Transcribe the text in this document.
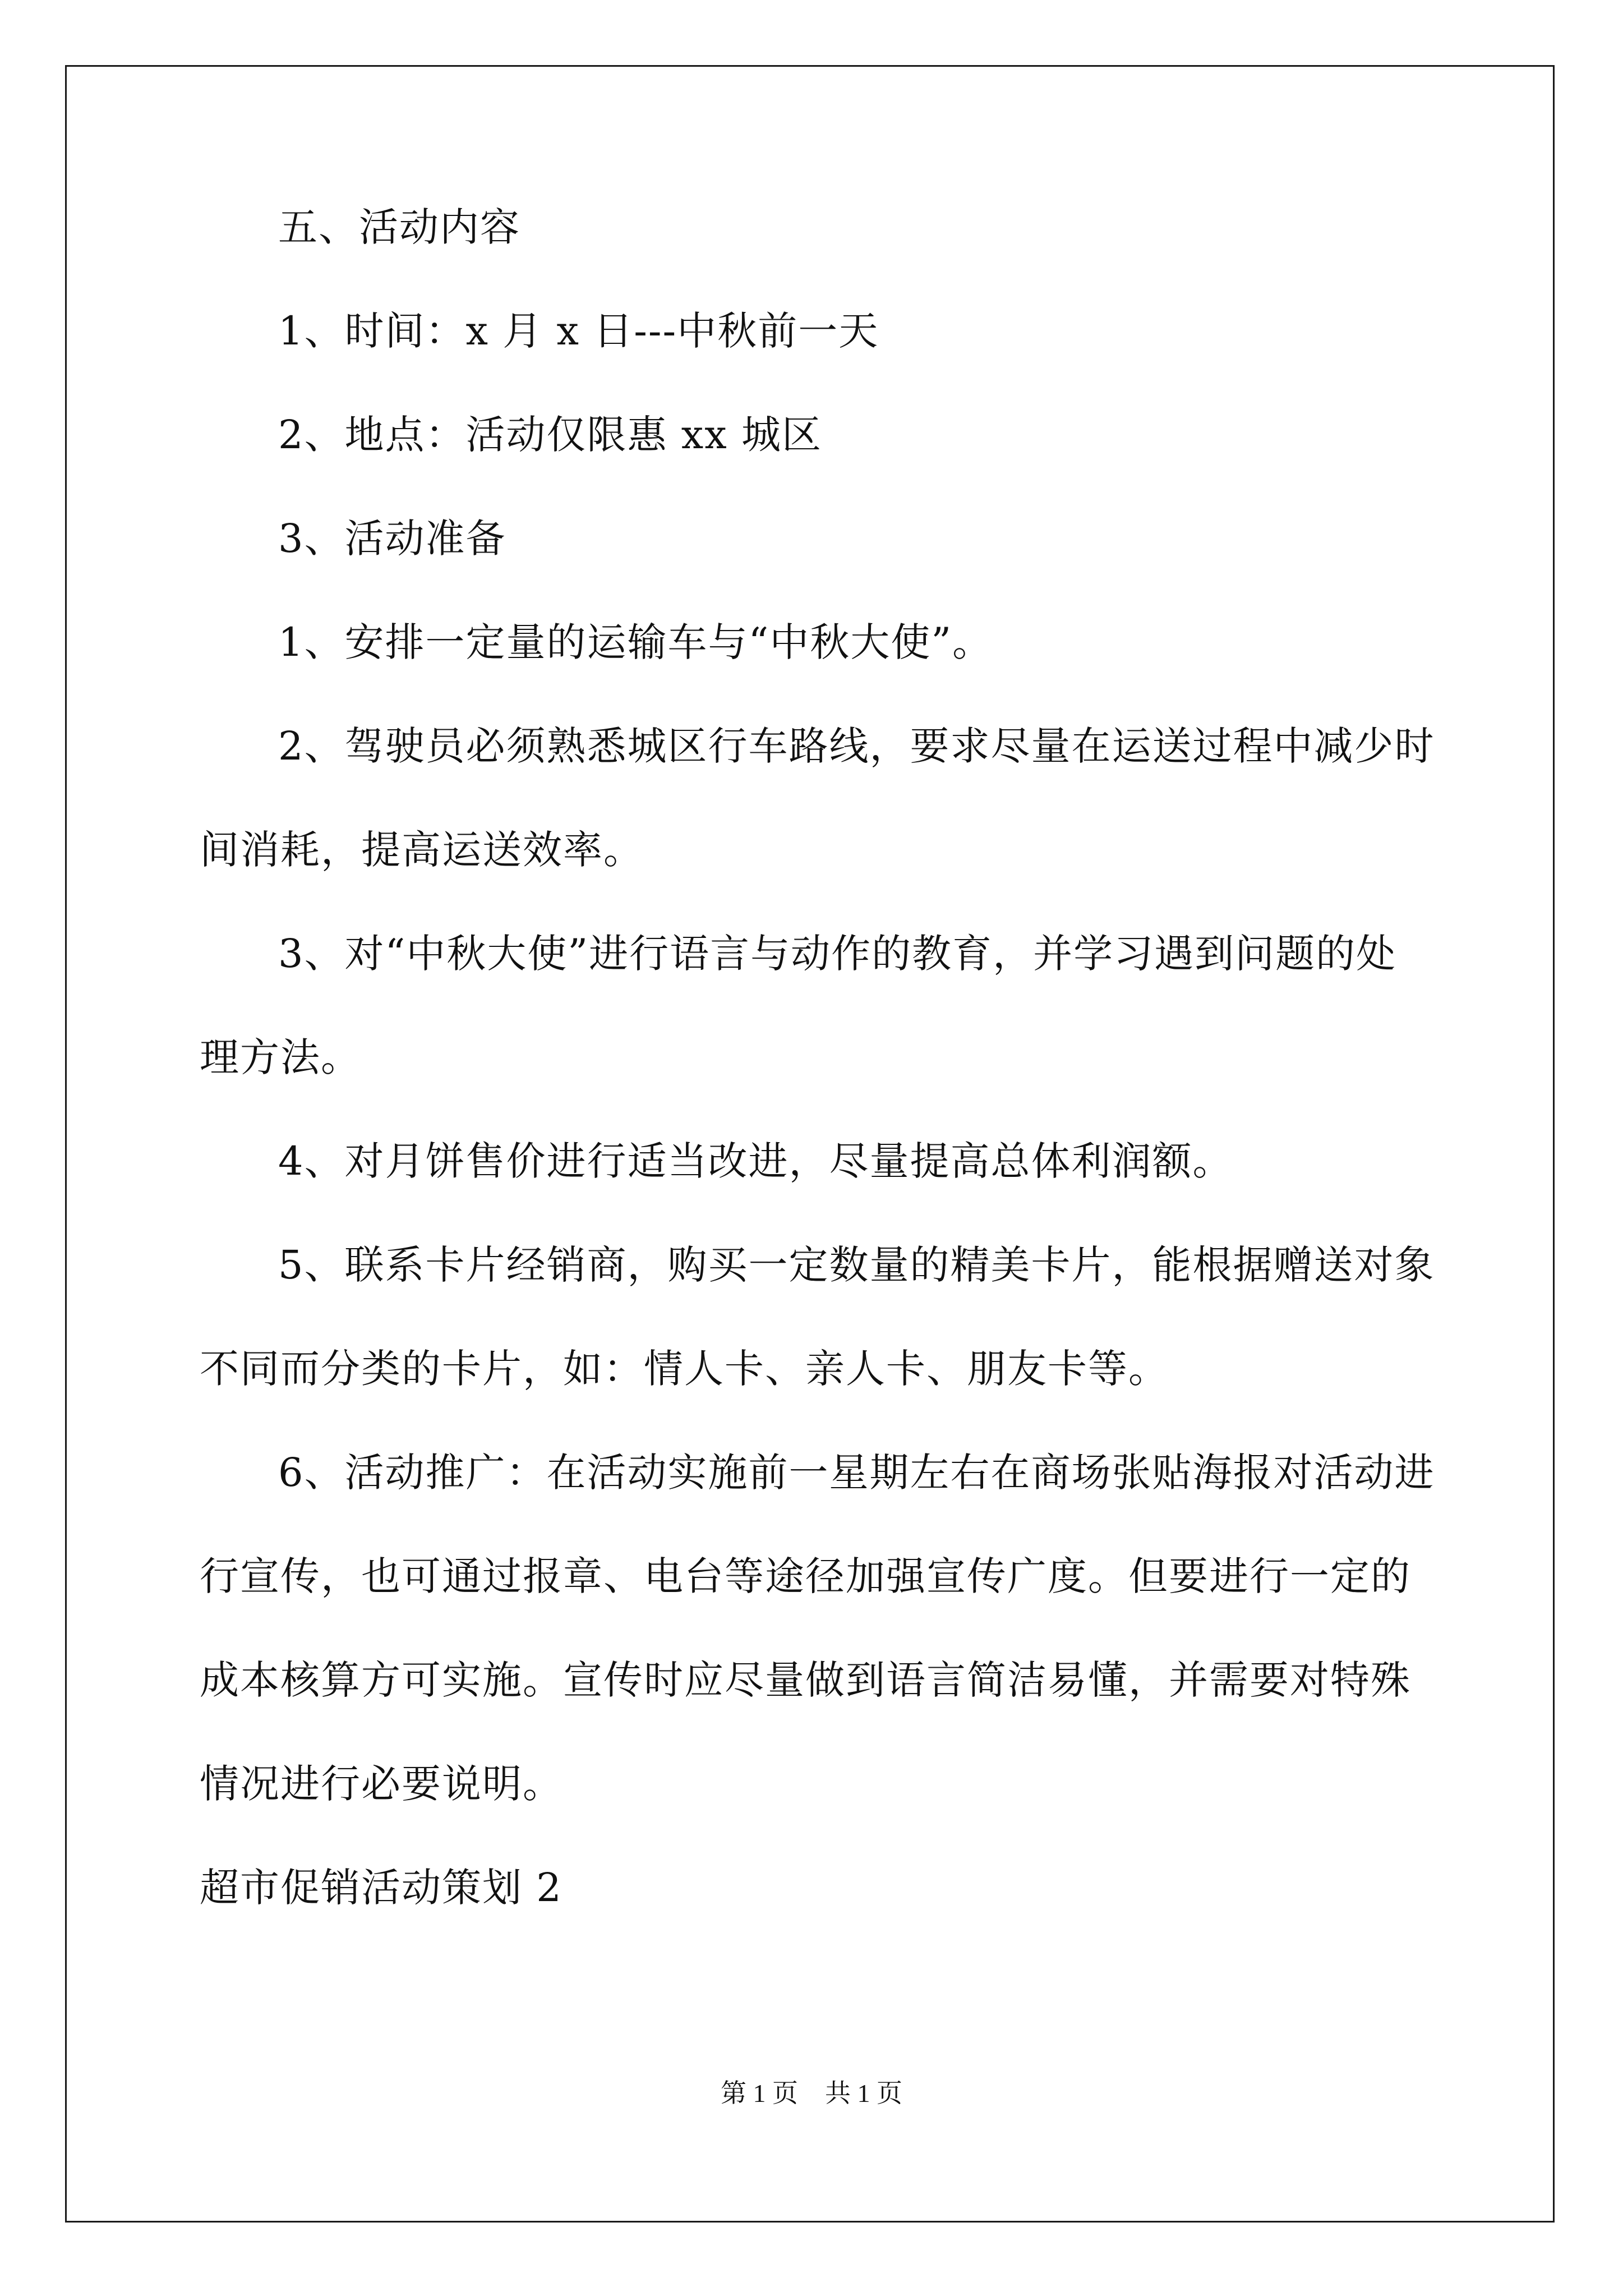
五、活动内容
1、时间：x 月 x 日---中秋前一天
2、地点：活动仅限惠 xx 城区
3、活动准备
1、安排一定量的运输车与“中秋大使”。
2、驾驶员必须熟悉城区行车路线，要求尽量在运送过程中减少时
间消耗，提高运送效率。
3、对“中秋大使”进行语言与动作的教育，并学习遇到问题的处
理方法。
4、对月饼售价进行适当改进，尽量提高总体利润额。
5、联系卡片经销商，购买一定数量的精美卡片，能根据赠送对象
不同而分类的卡片，如：情人卡、亲人卡、朋友卡等。
6、活动推广：在活动实施前一星期左右在商场张贴海报对活动进
行宣传，也可通过报章、电台等途径加强宣传广度。但要进行一定的
成本核算方可实施。宣传时应尽量做到语言简洁易懂，并需要对特殊
情况进行必要说明。
超市促销活动策划 2
第 1 页 共 1 页
